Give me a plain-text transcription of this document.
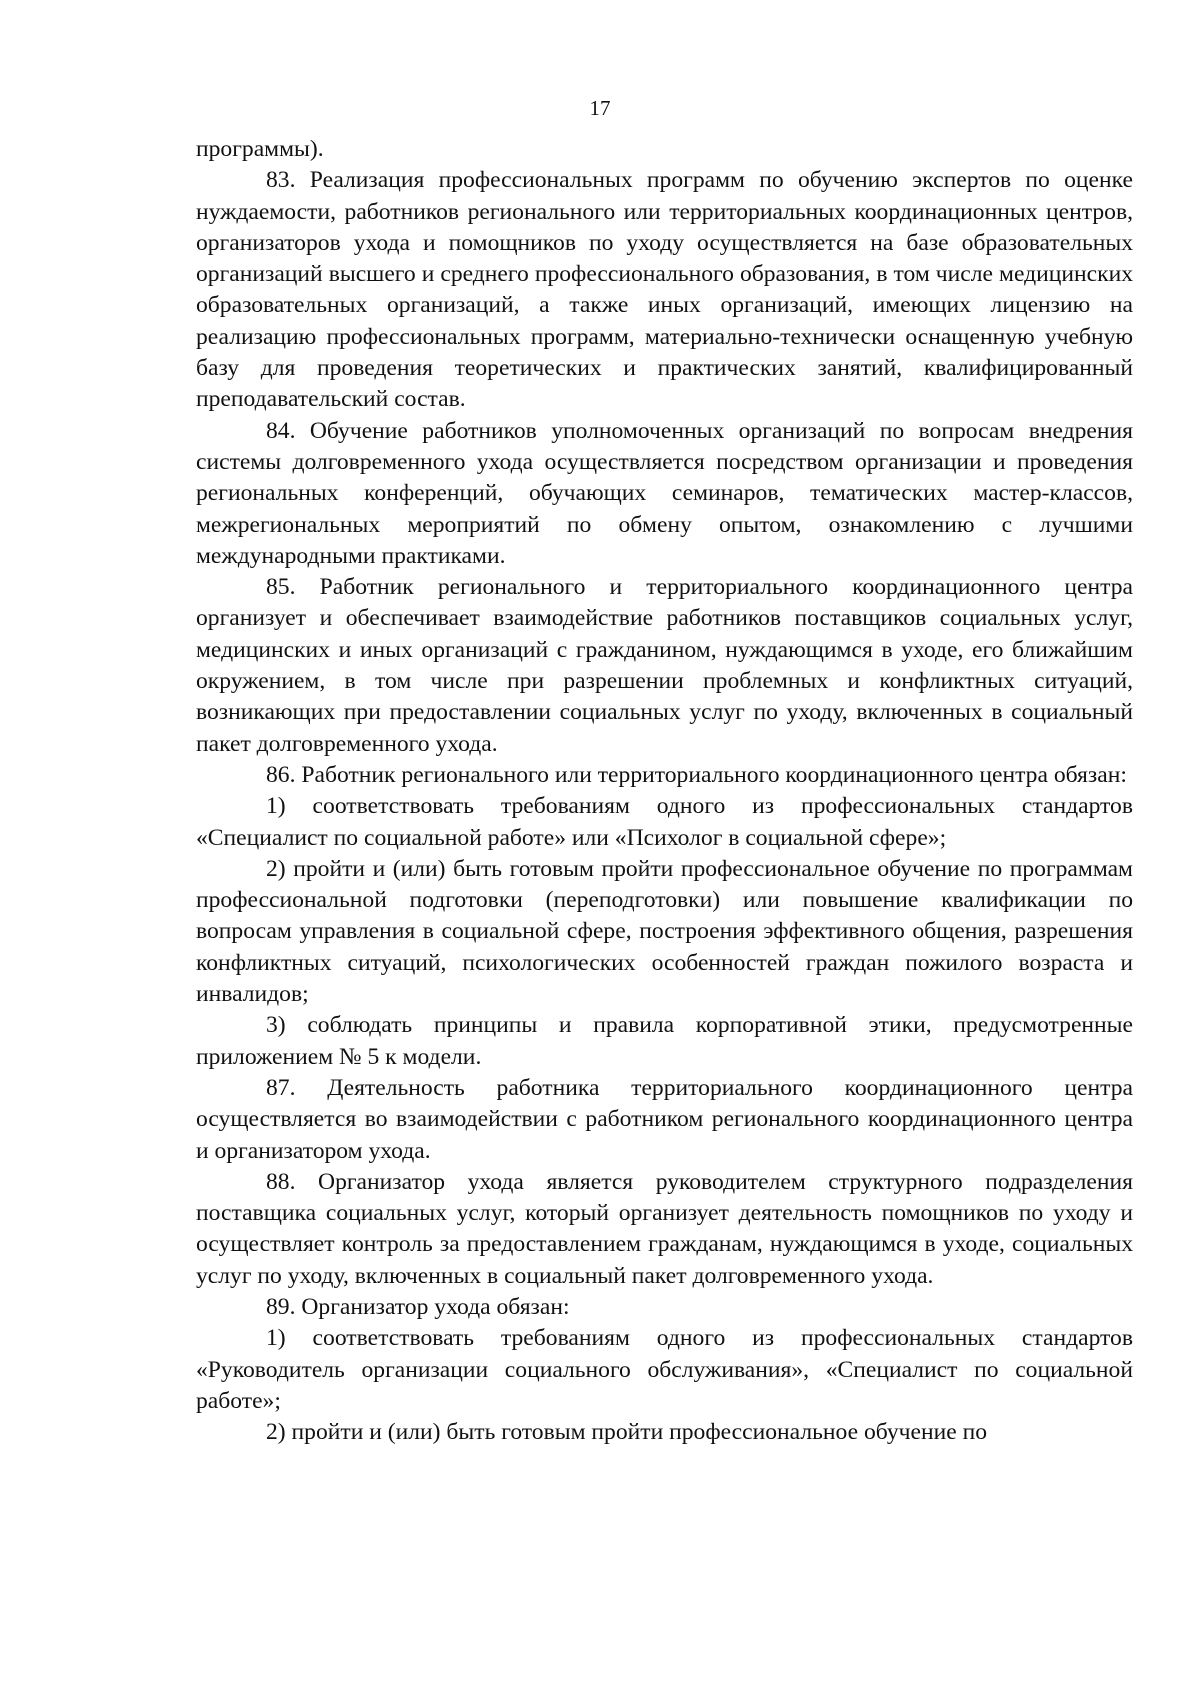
17

программы).

83. Реализация профессиональных программ по обучению экспертов по оценке нуждаемости, работников регионального или территориальных координационных центров, организаторов ухода и помощников по уходу осуществляется на базе образовательных организаций высшего и среднего профессионального образования, в том числе медицинских образовательных организаций, а также иных организаций, имеющих лицензию на реализацию профессиональных программ, материально-технически оснащенную учебную базу для проведения теоретических и практических занятий, квалифицированный преподавательский состав.

84. Обучение работников уполномоченных организаций по вопросам внедрения системы долговременного ухода осуществляется посредством организации и проведения региональных конференций, обучающих семинаров, тематических мастер-классов, межрегиональных мероприятий по обмену опытом, ознакомлению с лучшими международными практиками.

85. Работник регионального и территориального координационного центра организует и обеспечивает взаимодействие работников поставщиков социальных услуг, медицинских и иных организаций с гражданином, нуждающимся в уходе, его ближайшим окружением, в том числе при разрешении проблемных и конфликтных ситуаций, возникающих при предоставлении социальных услуг по уходу, включенных в социальный пакет долговременного ухода.

86. Работник регионального или территориального координационного центра обязан:

1) соответствовать требованиям одного из профессиональных стандартов «Специалист по социальной работе» или «Психолог в социальной сфере»;

2) пройти и (или) быть готовым пройти профессиональное обучение по программам профессиональной подготовки (переподготовки) или повышение квалификации по вопросам управления в социальной сфере, построения эффективного общения, разрешения конфликтных ситуаций, психологических особенностей граждан пожилого возраста и инвалидов;

3) соблюдать принципы и правила корпоративной этики, предусмотренные приложением № 5 к модели.

87. Деятельность работника территориального координационного центра осуществляется во взаимодействии с работником регионального координационного центра и организатором ухода.

88. Организатор ухода является руководителем структурного подразделения поставщика социальных услуг, который организует деятельность помощников по уходу и осуществляет контроль за предоставлением гражданам, нуждающимся в уходе, социальных услуг по уходу, включенных в социальный пакет долговременного ухода.

89. Организатор ухода обязан:

1) соответствовать требованиям одного из профессиональных стандартов «Руководитель организации социального обслуживания», «Специалист по социальной работе»;

2) пройти и (или) быть готовым пройти профессиональное обучение по
